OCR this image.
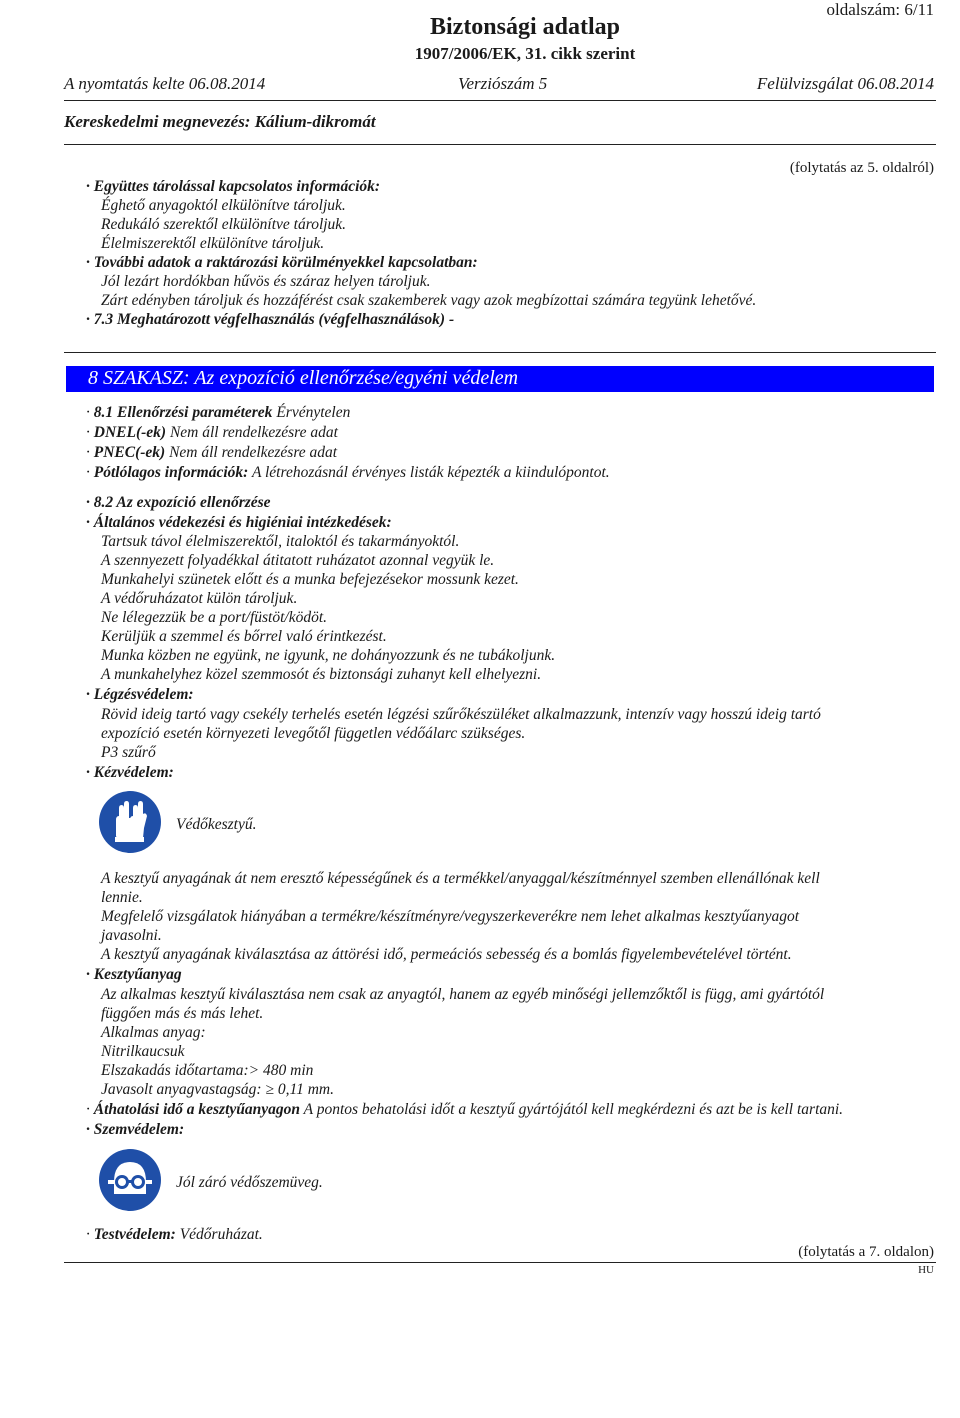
oldalszám: 6/11
Biztonsági adatlap
1907/2006/EK, 31. cikk szerint
A nyomtatás kelte 06.08.2014	Verziószám 5	Felülvizsgálat 06.08.2014
Kereskedelmi megnevezés: Kálium-dikromát
(folytatás az 5. oldalról)
· Együttes tárolással kapcsolatos információk:
Éghető anyagoktól elkülönítve tároljuk.
Redukáló szerektől elkülönítve tároljuk.
Élelmiszerektől elkülönítve tároljuk.
· További adatok a raktározási körülményekkel kapcsolatban:
Jól lezárt hordókban hűvös és száraz helyen tároljuk.
Zárt edényben tároljuk és hozzáférést csak szakemberek vagy azok megbízottai számára tegyünk lehetővé.
· 7.3 Meghatározott végfelhasználás (végfelhasználások) -
8 SZAKASZ: Az expozíció ellenőrzése/egyéni védelem
· 8.1 Ellenőrzési paraméterek Érvénytelen
· DNEL(-ek) Nem áll rendelkezésre adat
· PNEC(-ek) Nem áll rendelkezésre adat
· Pótlólagos információk: A létrehozásnál érvényes listák képezték a kiindulópontot.
· 8.2 Az expozíció ellenőrzése
· Általános védekezési és higiéniai intézkedések:
Tartsuk távol élelmiszerektől, italoktól és takarmányoktól.
A szennyezett folyadékkal átitatott ruházatot azonnal vegyük le.
Munkahelyi szünetek előtt és a munka befejezésekor mossunk kezet.
A védőruházatot külön tároljuk.
Ne lélegezzük be a port/füstöt/ködöt.
Kerüljük a szemmel és bőrrel való érintkezést.
Munka közben ne együnk, ne igyunk, ne dohányozzunk és ne tubákoljunk.
A munkahelyhez közel szemmosót és biztonsági zuhanyt kell elhelyezni.
· Légzésvédelem:
Rövid ideig tartó vagy csekély terhelés esetén légzési szűrőkészüléket alkalmazzunk, intenzív vagy hosszú ideig tartó
expozíció esetén környezeti levegőtől független védőálarc szükséges.
P3 szűrő
· Kézvédelem:
Védőkesztyű.
A kesztyű anyagának át nem eresztő képességűnek és a termékkel/anyaggal/készítménnyel szemben ellenállónak kell
lennie.
Megfelelő vizsgálatok hiányában a termékre/készítményre/vegyszerkeverékre nem lehet alkalmas kesztyűanyagot
javasolni.
A kesztyű anyagának kiválasztása az áttörési idő, permeációs sebesség és a bomlás figyelembevételével történt.
· Kesztyűanyag
Az alkalmas kesztyű kiválasztása nem csak az anyagtól, hanem az egyéb minőségi jellemzőktől is függ, ami gyártótól
függően más és más lehet.
Alkalmas anyag:
Nitrilkaucsuk
Elszakadás időtartama:> 480 min
Javasolt anyagvastagság: ≥ 0,11 mm.
· Áthatolási idő a kesztyűanyagon A pontos behatolási időt a kesztyű gyártójától kell megkérdezni és azt be is kell tartani.
· Szemvédelem:
Jól záró védőszemüveg.
· Testvédelem: Védőruházat.
(folytatás a 7. oldalon)
HU
